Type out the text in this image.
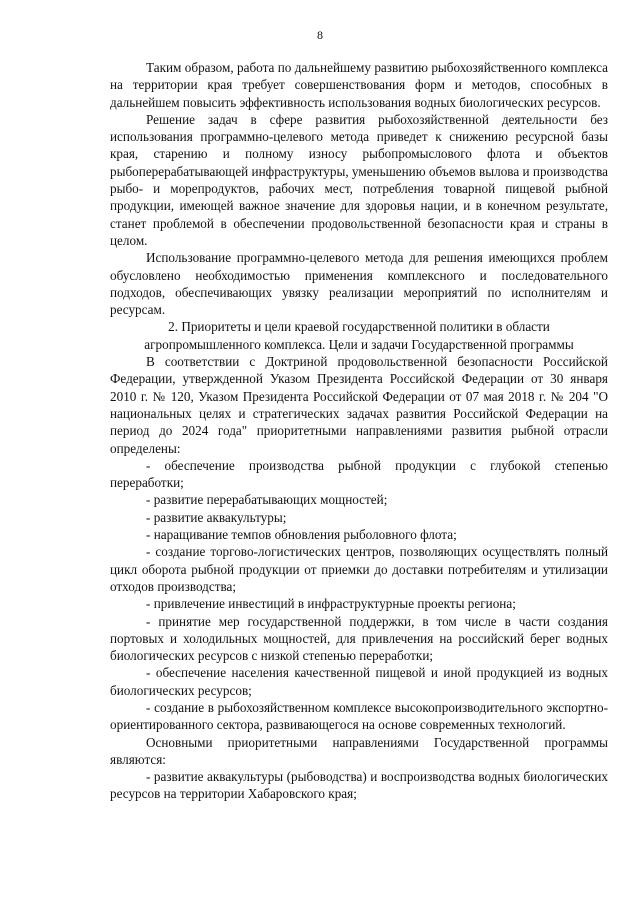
8

Таким образом, работа по дальнейшему развитию рыбохозяйственного комплекса на территории края требует совершенствования форм и методов, способных в дальнейшем повысить эффективность использования водных биологических ресурсов.

Решение задач в сфере развития рыбохозяйственной деятельности без использования программно-целевого метода приведет к снижению ресурсной базы края, старению и полному износу рыбопромыслового флота и объектов рыбоперерабатывающей инфраструктуры, уменьшению объемов вылова и производства рыбо- и морепродуктов, рабочих мест, потребления товарной пищевой рыбной продукции, имеющей важное значение для здоровья нации, и в конечном результате, станет проблемой в обеспечении продовольственной безопасности края и страны в целом.

Использование программно-целевого метода для решения имеющихся проблем обусловлено необходимостью применения комплексного и последовательного подходов, обеспечивающих увязку реализации мероприятий по исполнителям и ресурсам.

2. Приоритеты и цели краевой государственной политики в области агропромышленного комплекса. Цели и задачи Государственной программы

В соответствии с Доктриной продовольственной безопасности Российской Федерации, утвержденной Указом Президента Российской Федерации от 30 января 2010 г. № 120, Указом Президента Российской Федерации от 07 мая 2018 г. № 204 "О национальных целях и стратегических задачах развития Российской Федерации на период до 2024 года" приоритетными направлениями развития рыбной отрасли определены:

- обеспечение производства рыбной продукции с глубокой степенью переработки;

- развитие перерабатывающих мощностей;

- развитие аквакультуры;

- наращивание темпов обновления рыболовного флота;

- создание торгово-логистических центров, позволяющих осуществлять полный цикл оборота рыбной продукции от приемки до доставки потребителям и утилизации отходов производства;

- привлечение инвестиций в инфраструктурные проекты региона;

- принятие мер государственной поддержки, в том числе в части создания портовых и холодильных мощностей, для привлечения на российский берег водных биологических ресурсов с низкой степенью переработки;

- обеспечение населения качественной пищевой и иной продукцией из водных биологических ресурсов;

- создание в рыбохозяйственном комплексе высокопроизводительного экспортно-ориентированного сектора, развивающегося на основе современных технологий.

Основными приоритетными направлениями Государственной программы являются:

- развитие аквакультуры (рыбоводства) и воспроизводства водных биологических ресурсов на территории Хабаровского края;
